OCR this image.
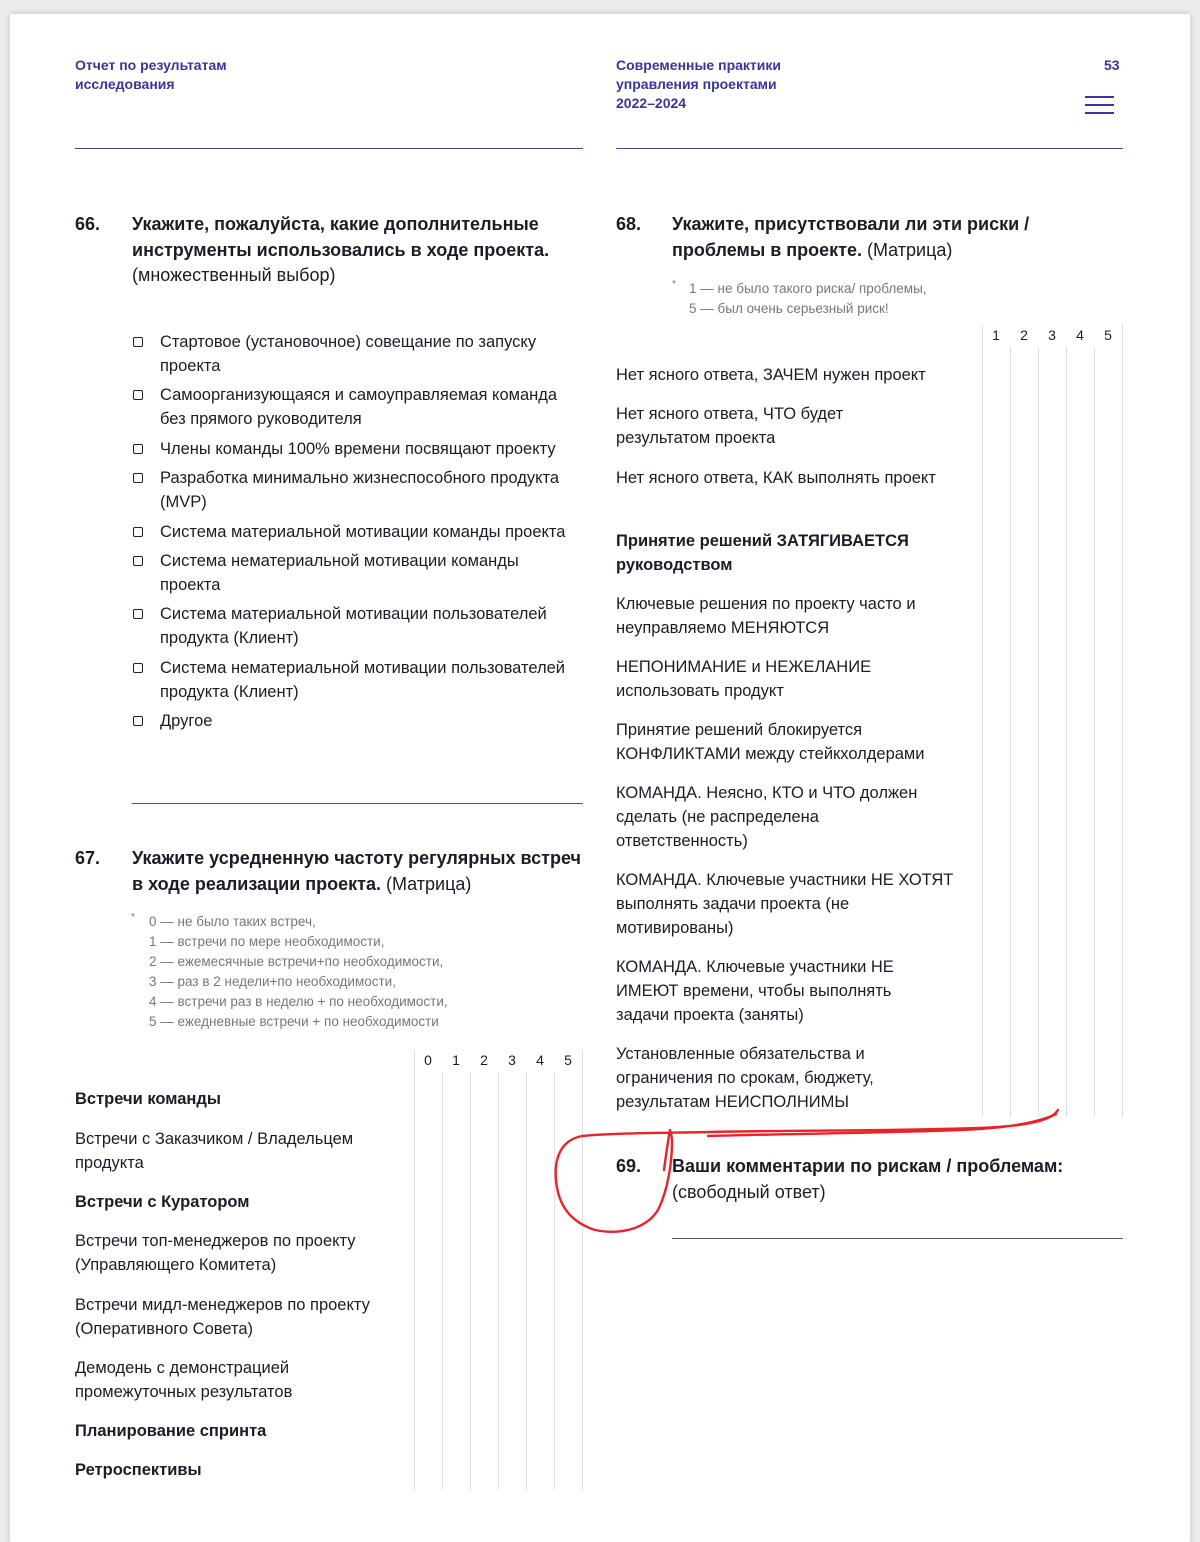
Отчет по результатам
исследования
Современные практики
управления проектами
2022–2024
53
66. Укажите, пожалуйста, какие дополнительные инструменты использовались в ходе проекта. (множественный выбор)
Стартовое (установочное) совещание по запуску проекта
Самоорганизующаяся и самоуправляемая команда без прямого руководителя
Члены команды 100% времени посвящают проекту
Разработка минимально жизнеспособного продукта (MVP)
Система материальной мотивации команды проекта
Система нематериальной мотивации команды проекта
Система материальной мотивации пользователей продукта (Клиент)
Система нематериальной мотивации пользователей продукта (Клиент)
Другое
67. Укажите усредненную частоту регулярных встреч в ходе реализации проекта. (Матрица)
* 0 — не было таких встреч,
1 — встречи по мере необходимости,
2 — ежемесячные встречи+по необходимости,
3 — раз в 2 недели+по необходимости,
4 — встречи раз в неделю + по необходимости,
5 — ежедневные встречи + по необходимости
0	1	2	3	4	5
Встречи команды
Встречи с Заказчиком / Владельцем продукта
Встречи с Куратором
Встречи топ-менеджеров по проекту (Управляющего Комитета)
Встречи мидл-менеджеров по проекту (Оперативного Совета)
Демодень с демонстрацией промежуточных результатов
Планирование спринта
Ретроспективы
68. Укажите, присутствовали ли эти риски / проблемы в проекте. (Матрица)
* 1 — не было такого риска/ проблемы,
5 — был очень серьезный риск!
1	2	3	4	5
Нет ясного ответа, ЗАЧЕМ нужен проект
Нет ясного ответа, ЧТО будет результатом проекта
Нет ясного ответа, КАК выполнять проект
Принятие решений ЗАТЯГИВАЕТСЯ руководством
Ключевые решения по проекту часто и неуправляемо МЕНЯЮТСЯ
НЕПОНИМАНИЕ и НЕЖЕЛАНИЕ использовать продукт
Принятие решений блокируется КОНФЛИКТАМИ между стейкхолдерами
КОМАНДА. Неясно, КТО и ЧТО должен сделать (не распределена ответственность)
КОМАНДА. Ключевые участники НЕ ХОТЯТ выполнять задачи проекта (не мотивированы)
КОМАНДА. Ключевые участники НЕ ИМЕЮТ времени, чтобы выполнять задачи проекта (заняты)
Установленные обязательства и ограничения по срокам, бюджету, результатам НЕИСПОЛНИМЫ
69. Ваши комментарии по рискам / проблемам:
(свободный ответ)
